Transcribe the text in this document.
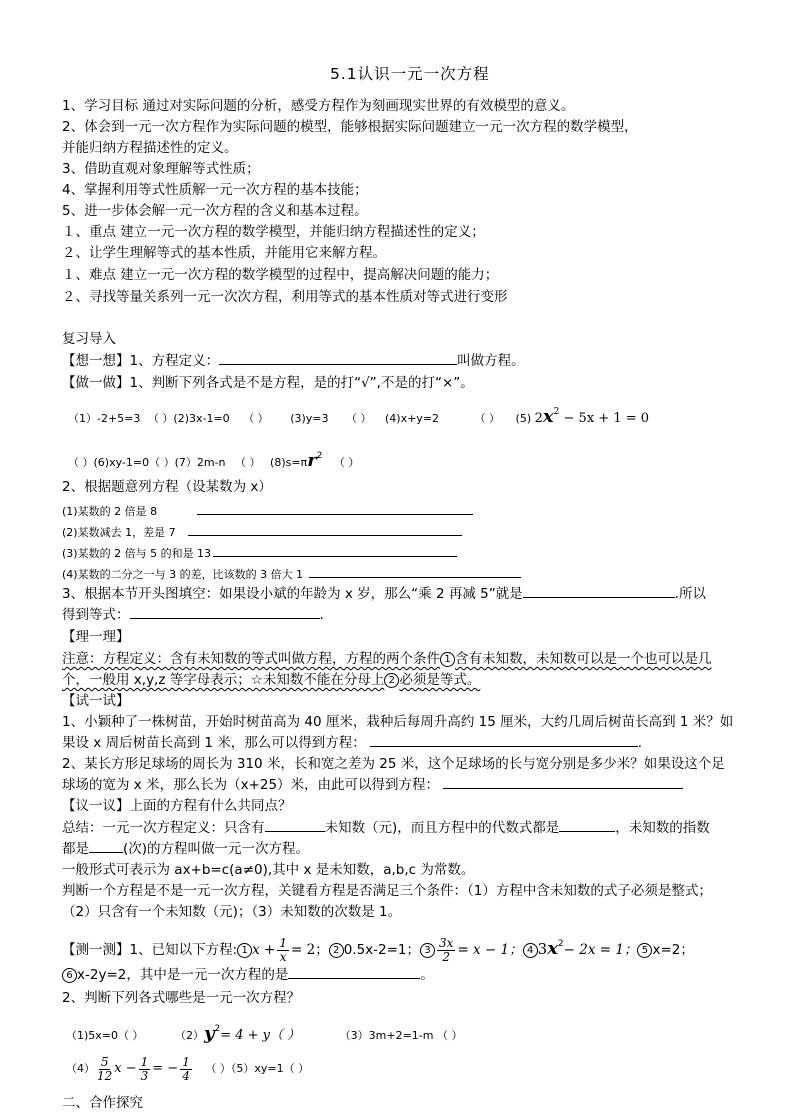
5.1认识一元一次方程
1、学习目标 通过对实际问题的分析，感受方程作为刻画现实世界的有效模型的意义。
2、体会到一元一次方程作为实际问题的模型，能够根据实际问题建立一元一次方程的数学模型，
并能归纳方程描述性的定义。
3、借助直观对象理解等式性质；
4、掌握利用等式性质解一元一次方程的基本技能；
5、进一步体会解一元一次方程的含义和基本过程。
１、重点 建立一元一次方程的数学模型，并能归纳方程描述性的定义；
２、让学生理解等式的基本性质，并能用它来解方程。
１、难点 建立一元一次方程的数学模型的过程中，提高解决问题的能力；
２、寻找等量关系列一元一次次方程，利用等式的基本性质对等式进行变形
复习导入
【想一想】1、方程定义：	叫做方程。
【做一做】1、判断下列各式是不是方程，是的打“√”,不是的打“×”。
（1）-2+5=3 （ ）(2)3x-1=0 （ ） (3)y=3 （ ） (4)x+y=2	（ ） (5) $2x^2 - 5x + 1 = 0$
（ ）(6)xy-1=0（ ）(7）2m-n （ ） $(8)s=\pi r^2$ （ ）
2、根据题意列方程（设某数为 x）
(1)某数的 2 倍是 8
(2)某数减去 1，差是 7
(3)某数的 2 倍与 5 的和是 13
(4)某数的二分之一与 3 的差，比该数的 3 倍大 1
3、根据本节开头图填空：如果设小斌的年龄为 x 岁，那么“乘 2 再减 5”就是	.所以
得到等式：	.
【理一理】
注意：方程定义：含有未知数的等式叫做方程，方程的两个条件 1 含有未知数，未知数可以是一个也可以是几
个，一般用 x,y,z 等字母表示；☆未知数不能在分母上 2 必须是等式。
【试一试】
1、小颖种了一株树苗，开始时树苗高为 40 厘米，栽种后每周升高约 15 厘米，大约几周后树苗长高到 1 米？如
果设 x 周后树苗长高到 1 米，那么可以得到方程：	.
2、某长方形足球场的周长为 310 米，长和宽之差为 25 米，这个足球场的长与宽分别是多少米？如果设这个足
球场的宽为 x 米，那么长为（x+25）米，由此可以得到方程：
【议一议】上面的方程有什么共同点？
总结：一元一次方程定义：只含有	未知数（元)，而且方程中的代数式都是	，未知数的指数
都是	(次)的方程叫做一元一次方程。
一般形式可表示为 ax+b=c(a≠0),其中 x 是未知数，a,b,c 为常数。
判断一个方程是不是一元一次方程，关键看方程是否满足三个条件：（1）方程中含未知数的式子必须是整式；
（2）只含有一个未知数（元)；（3）未知数的次数是 1。
【测一测】1、已知以下方程: 1 $x + \frac{1}{x} = 2$； 2 0.5x-2=1； $3 \frac{3x}{2} = x - 1$； 4 $3x^2- 2x = 1$； 5 x=2；
6 x-2y=2，其中是一元一次方程的是	。
2、判断下列各式哪些是一元一次方程？
（1)5x=0（ ）	$(2)y^2= 4 + y$（ ）	（3）3m+2=1-m （ ）
$(4) \frac{5}{12}$ $x - \frac{1}{3}$ = − $\frac{1}{4}$ （ ）（5）xy=1（ ）
二、合作探究
